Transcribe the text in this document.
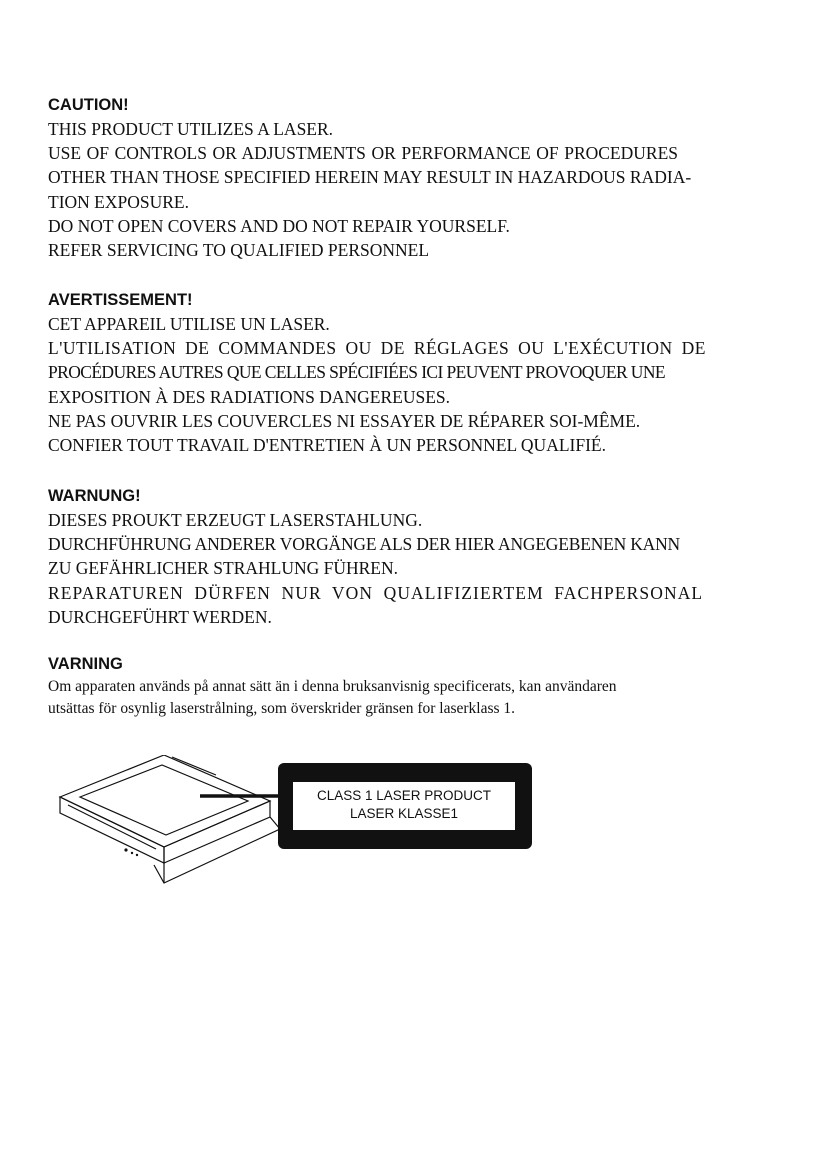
CAUTION!
THIS PRODUCT UTILIZES A LASER.
USE OF CONTROLS OR ADJUSTMENTS OR PERFORMANCE OF PROCEDURES
OTHER THAN THOSE SPECIFIED HEREIN MAY RESULT IN HAZARDOUS RADIA-
TION EXPOSURE.
DO NOT OPEN COVERS AND DO NOT REPAIR YOURSELF.
REFER SERVICING TO QUALIFIED PERSONNEL
AVERTISSEMENT!
CET APPAREIL UTILISE UN LASER.
L'UTILISATION DE COMMANDES OU DE RÉGLAGES OU L'EXÉCUTION DE
PROCÉDURES AUTRES QUE CELLES SPÉCIFIÉES ICI PEUVENT PROVOQUER UNE
EXPOSITION À DES RADIATIONS DANGEREUSES.
NE PAS OUVRIR LES COUVERCLES NI ESSAYER DE RÉPARER SOI-MÊME.
CONFIER TOUT TRAVAIL D'ENTRETIEN À UN PERSONNEL QUALIFIÉ.
WARNUNG!
DIESES PROUKT ERZEUGT LASERSTAHLUNG.
DURCHFÜHRUNG ANDERER VORGÄNGE ALS DER HIER ANGEGEBENEN KANN
ZU GEFÄHRLICHER STRAHLUNG FÜHREN.
REPARATUREN DÜRFEN NUR VON QUALIFIZIERTEM FACHPERSONAL
DURCHGEFÜHRT WERDEN.
VARNING
Om apparaten används på annat sätt än i denna bruksanvisnig specificerats, kan användaren
utsättas för osynlig laserstrålning, som överskrider gränsen for laserklass 1.
CLASS 1 LASER PRODUCT
LASER KLASSE1
